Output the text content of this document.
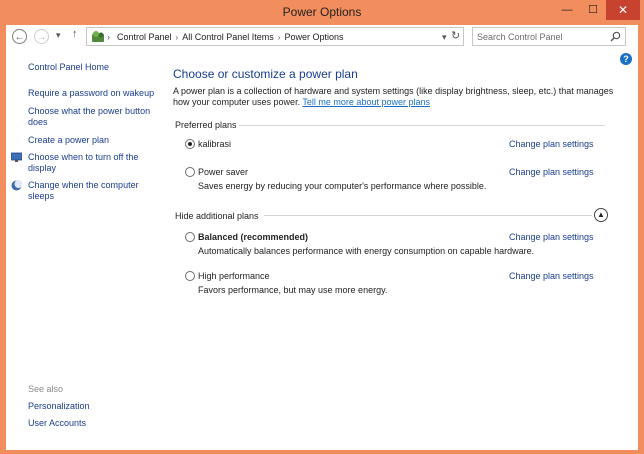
Power Options	—	☐	✕
← → ▾ ↑	› Control Panel › All Control Panel Items › Power Options	▾ ↻
Search Control Panel
?
Control Panel Home
Require a password on wakeup
Choose what the power button does
Create a power plan
Choose when to turn off the display
Change when the computer sleeps
See also
Personalization
User Accounts
Choose or customize a power plan
A power plan is a collection of hardware and system settings (like display brightness, sleep, etc.) that manages how your computer uses power. Tell me more about power plans
Preferred plans
kalibrasi	Change plan settings
Power saver
Saves energy by reducing your computer's performance where possible.
Change plan settings
Hide additional plans	▲
Balanced (recommended)
Automatically balances performance with energy consumption on capable hardware.
Change plan settings
High performance
Favors performance, but may use more energy.
Change plan settings
